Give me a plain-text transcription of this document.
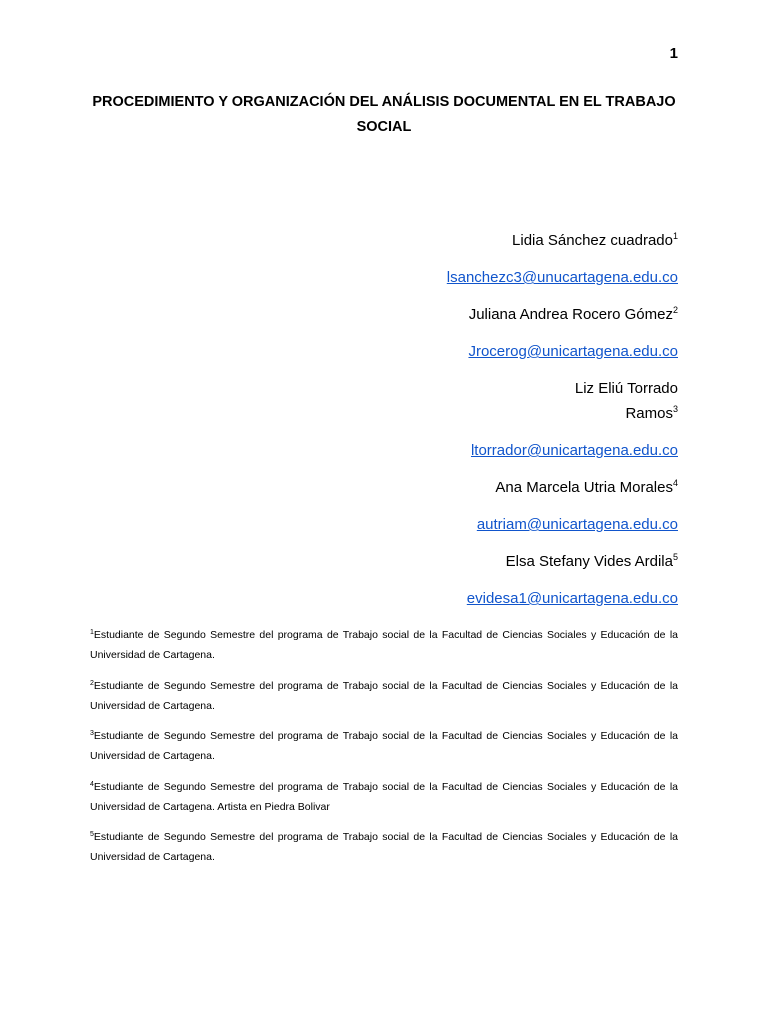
1
PROCEDIMIENTO Y ORGANIZACIÓN DEL ANÁLISIS DOCUMENTAL EN EL TRABAJO SOCIAL
Lidia Sánchez cuadrado$^1$
lsanchezc3@unucartagena.edu.co
Juliana Andrea Rocero Gómez$^2$
Jrocerog@unicartagena.edu.co
Liz Eliú Torrado Ramos$^3$
ltorrador@unicartagena.edu.co
Ana Marcela Utria Morales$^4$
autriam@unicartagena.edu.co
Elsa Stefany Vides Ardila$^5$
evidesa1@unicartagena.edu.co

$^1$Estudiante de Segundo Semestre del programa de Trabajo social de la Facultad de Ciencias Sociales y Educación de la Universidad de Cartagena.

$^2$Estudiante de Segundo Semestre del programa de Trabajo social de la Facultad de Ciencias Sociales y Educación de la Universidad de Cartagena.

$^3$Estudiante de Segundo Semestre del programa de Trabajo social de la Facultad de Ciencias Sociales y Educación de la Universidad de Cartagena.

$^4$Estudiante de Segundo Semestre del programa de Trabajo social de la Facultad de Ciencias Sociales y Educación de la Universidad de Cartagena. Artista en Piedra Bolivar

$^5$Estudiante de Segundo Semestre del programa de Trabajo social de la Facultad de Ciencias Sociales y Educación de la Universidad de Cartagena.
